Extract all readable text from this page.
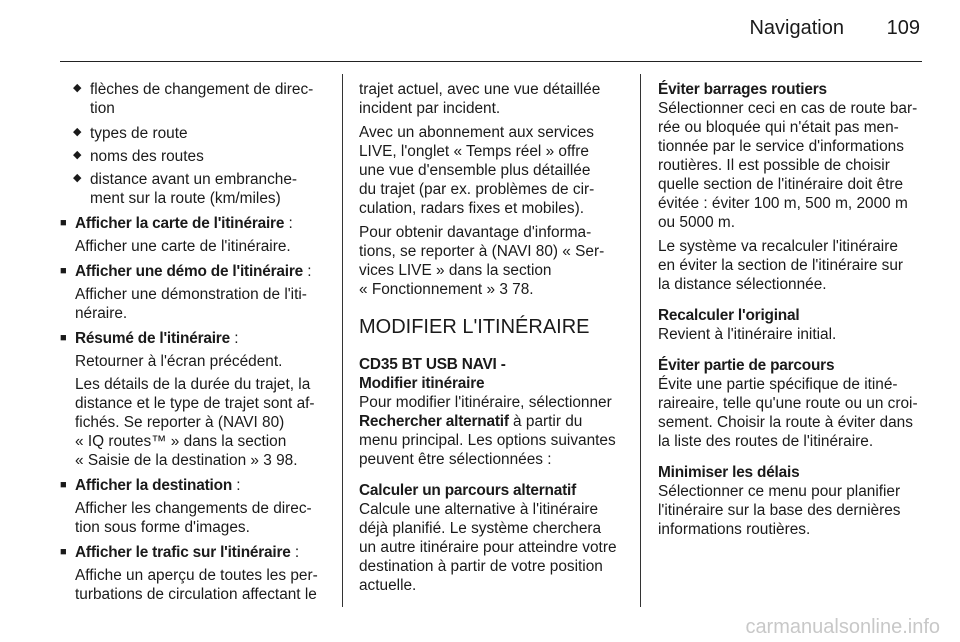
Navigation 109

◆ flèches de changement de direc-
tion

◆ types de route

◆ noms des routes

◆ distance avant un embranche-
ment sur la route (km/miles)

■ Afficher la carte de l'itinéraire :

Afficher une carte de l'itinéraire.

■ Afficher une démo de l'itinéraire :

Afficher une démonstration de l'iti-
néraire.

■ Résumé de l'itinéraire :

Retourner à l'écran précédent.

Les détails de la durée du trajet, la
distance et le type de trajet sont af-
fichés. Se reporter à (NAVI 80)
« IQ routes™ » dans la section
« Saisie de la destination » 3 98.

■ Afficher la destination :

Afficher les changements de direc-
tion sous forme d'images.

■ Afficher le trafic sur l'itinéraire :

Affiche un aperçu de toutes les per-
turbations de circulation affectant le

trajet actuel, avec une vue détaillée
incident par incident.

Avec un abonnement aux services
LIVE, l'onglet « Temps réel » offre
une vue d'ensemble plus détaillée
du trajet (par ex. problèmes de cir-
culation, radars fixes et mobiles).

Pour obtenir davantage d'informa-
tions, se reporter à (NAVI 80) « Ser-
vices LIVE » dans la section
« Fonctionnement » 3 78.

MODIFIER L'ITINÉRAIRE

CD35 BT USB NAVI -
Modifier itinéraire

Pour modifier l'itinéraire, sélectionner
Rechercher alternatif à partir du
menu principal. Les options suivantes
peuvent être sélectionnées :

Calculer un parcours alternatif

Calcule une alternative à l'itinéraire
déjà planifié. Le système cherchera
un autre itinéraire pour atteindre votre
destination à partir de votre position
actuelle.

Éviter barrages routiers

Sélectionner ceci en cas de route bar-
rée ou bloquée qui n'était pas men-
tionnée par le service d'informations
routières. Il est possible de choisir
quelle section de l'itinéraire doit être
évitée : éviter 100 m, 500 m, 2000 m
ou 5000 m.

Le système va recalculer l'itinéraire
en éviter la section de l'itinéraire sur
la distance sélectionnée.

Recalculer l'original

Revient à l'itinéraire initial.

Éviter partie de parcours

Évite une partie spécifique de itiné-
raireaire, telle qu'une route ou un croi-
sement. Choisir la route à éviter dans
la liste des routes de l'itinéraire.

Minimiser les délais

Sélectionner ce menu pour planifier
l'itinéraire sur la base des dernières
informations routières.

carmanualsonline.info
